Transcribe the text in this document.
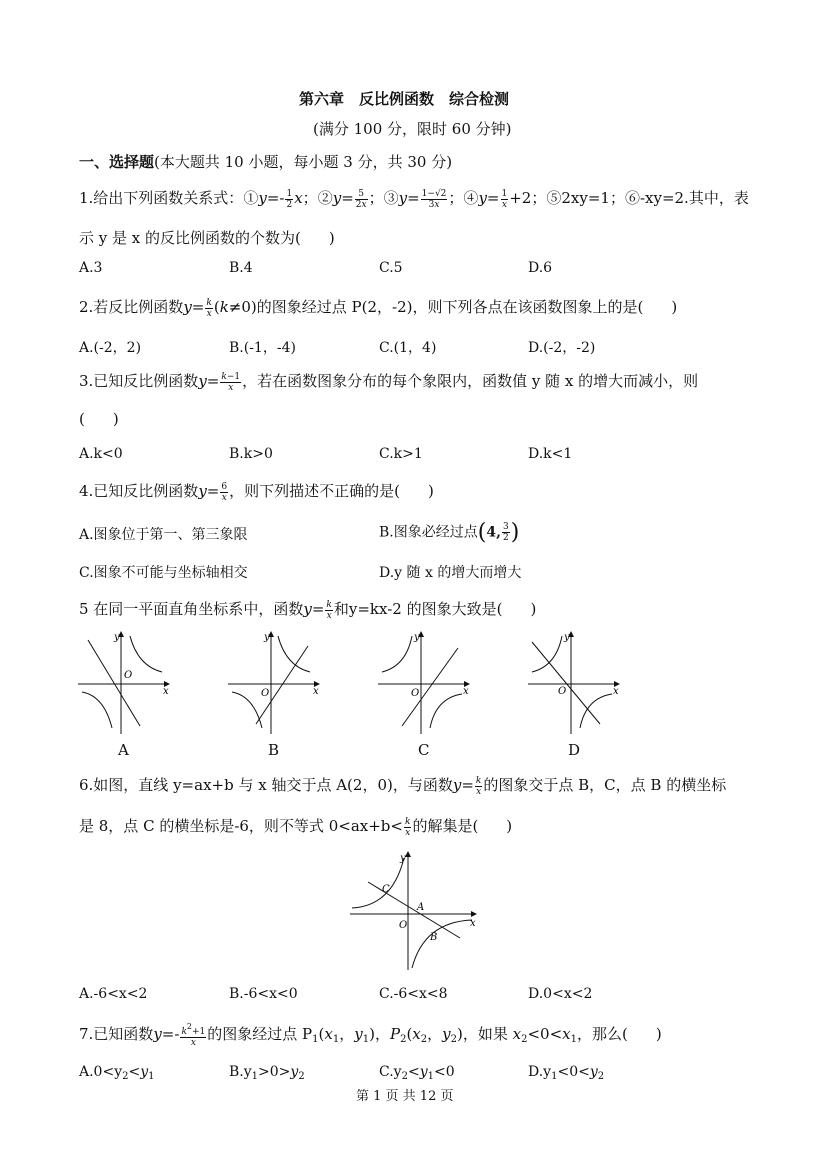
第六章　反比例函数　综合检测
(满分 100 分，限时 60 分钟)
一、选择题(本大题共 10 小题，每小题 3 分，共 30 分)
1.给出下列函数关系式：①y=- $\frac{1}{2}$ x；②y= $\frac{5}{2x}$ ；③y= $\frac{1-√2}{3x}$ ；④y= $\frac{1}{x} +2$；⑤2xy=1；⑥-xy=2.其中，表
示 y 是 x 的反比例函数的个数为( )
A.3	B.4	C.5	D.6
2.若反比例函数$y= \frac{k}{x} (k\ne 0)$的图象经过点 P(2，-2)，则下列各点在该函数图象上的是( )
A.(-2，2)	B.(-1，-4)	C.(1，4)	D.(-2，-2)
3.已知反比例函数$y= \frac{k-1}{x}$ ，若在函数图象分布的每个象限内，函数值 y 随 x 的增大而减小，则
( )
A.k<0	B.k>0	C.k>1	D.k<1
4.已知反比例函数$y= \frac{6}{x}$ ，则下列描述不正确的是( )
A.图象位于第一、第三象限	B.图象必经过点(4, $\frac{3}{2}$ )
C.图象不可能与坐标轴相交	D.y 随 x 的增大而增大
5 在同一平面直角坐标系中，函数$y= \frac{k}{x}$ 和y=kx-2 的图象大致是( )
y
x
O
y
x
O
y
x
O
y
x
O
A	B	C	D
6.如图，直线 y=ax+b 与 x 轴交于点 A(2，0)，与函数$y= \frac{k}{x}$ 的图象交于点 B，C，点 B 的横坐标
是 8，点 C 的横坐标是-6，则不等式 $0<ax+b< \frac{k}{x}$ 的解集是( )
y
x
O
A
C
B
A.-6<x<2	B.-6<x<0	C.-6<x<8	D.0<x<2
7.已知函数$y=- \frac{k2+1}{x}$ 的图象经过点 $P_1(x_1$，$y_1$)，$P_2(x_2$，$y_2$)，如果 $x_2<0<x_1$，那么( )
$A.0<y_2<y_1$	$B.y_1>0>y_2$	$C.y_2<y_1<0$	$D.y_1<0<y_2$
第 1 页 共 12 页
